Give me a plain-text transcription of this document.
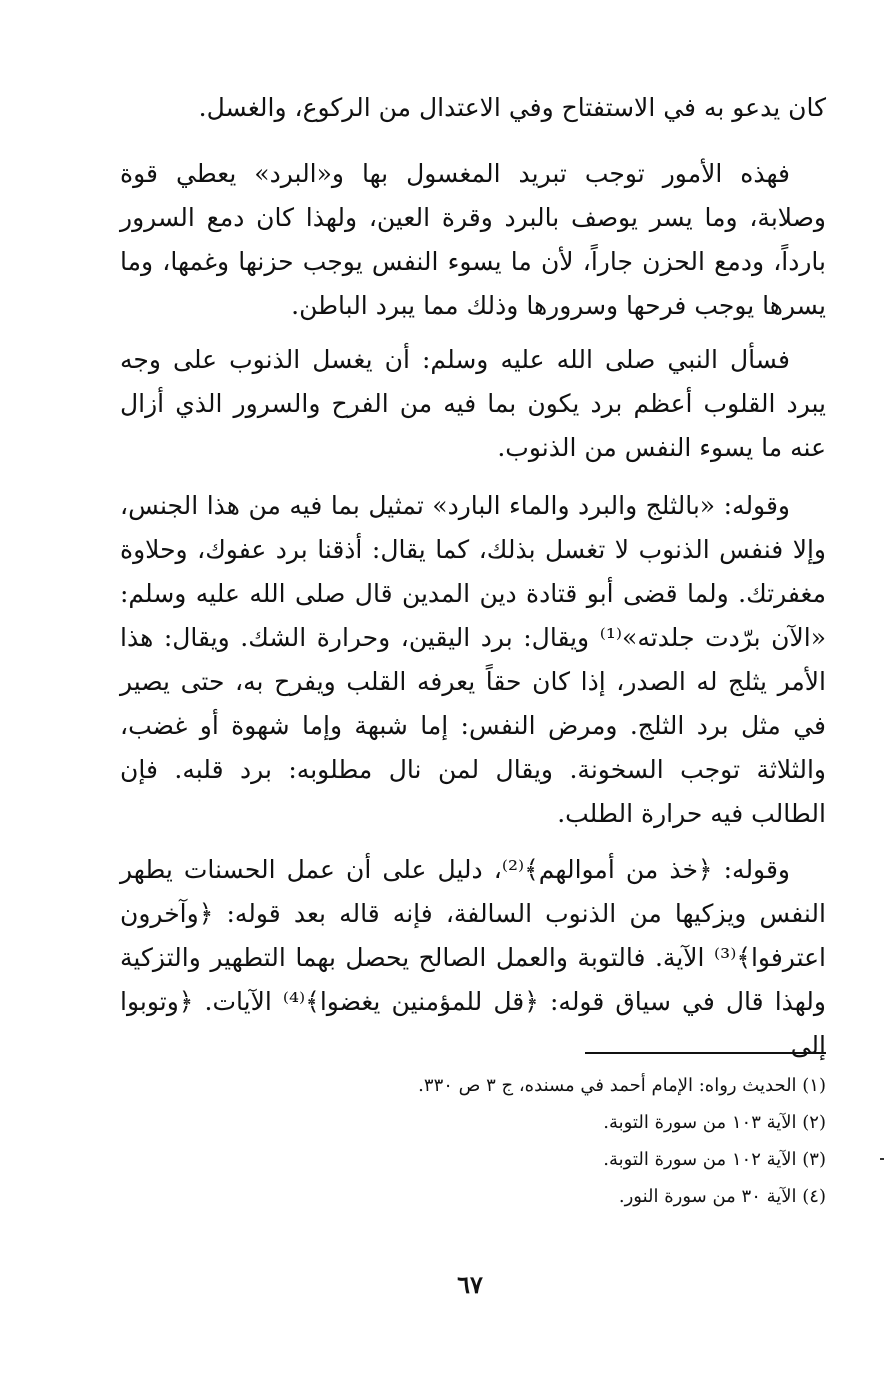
كان يدعو به في الاستفتاح وفي الاعتدال من الركوع، والغسل.

فهذه الأمور توجب تبريد المغسول بها و«البرد» يعطي قوة وصلابة، وما يسر يوصف بالبرد وقرة العين، ولهذا كان دمع السرور بارداً، ودمع الحزن جاراً، لأن ما يسوء النفس يوجب حزنها وغمها، وما يسرها يوجب فرحها وسرورها وذلك مما يبرد الباطن.

فسأل النبي صلى الله عليه وسلم: أن يغسل الذنوب على وجه يبرد القلوب أعظم برد يكون بما فيه من الفرح والسرور الذي أزال عنه ما يسوء النفس من الذنوب.

وقوله: «بالثلج والبرد والماء البارد» تمثيل بما فيه من هذا الجنس، وإلا فنفس الذنوب لا تغسل بذلك، كما يقال: أذقنا برد عفوك، وحلاوة مغفرتك. ولما قضى أبو قتادة دين المدين قال صلى الله عليه وسلم: «الآن برّدت جلدته»⁽¹⁾ ويقال: برد اليقين، وحرارة الشك. ويقال: هذا الأمر يثلج له الصدر، إذا كان حقاً يعرفه القلب ويفرح به، حتى يصير في مثل برد الثلج. ومرض النفس: إما شبهة وإما شهوة أو غضب، والثلاثة توجب السخونة. ويقال لمن نال مطلوبه: برد قلبه. فإن الطالب فيه حرارة الطلب.

وقوله: ﴿خذ من أموالهم﴾⁽²⁾، دليل على أن عمل الحسنات يطهر النفس ويزكيها من الذنوب السالفة، فإنه قاله بعد قوله: ﴿وآخرون اعترفوا﴾⁽³⁾ الآية. فالتوبة والعمل الصالح يحصل بهما التطهير والتزكية ولهذا قال في سياق قوله: ﴿قل للمؤمنين يغضوا﴾⁽⁴⁾ الآيات. ﴿وتوبوا إلى

(١) الحديث رواه: الإمام أحمد في مسنده، ج ٣ ص ٣٣٠.
(٢) الآية ١٠٣ من سورة التوبة.
(٣) الآية ١٠٢ من سورة التوبة.
(٤) الآية ٣٠ من سورة النور.
٦٧
